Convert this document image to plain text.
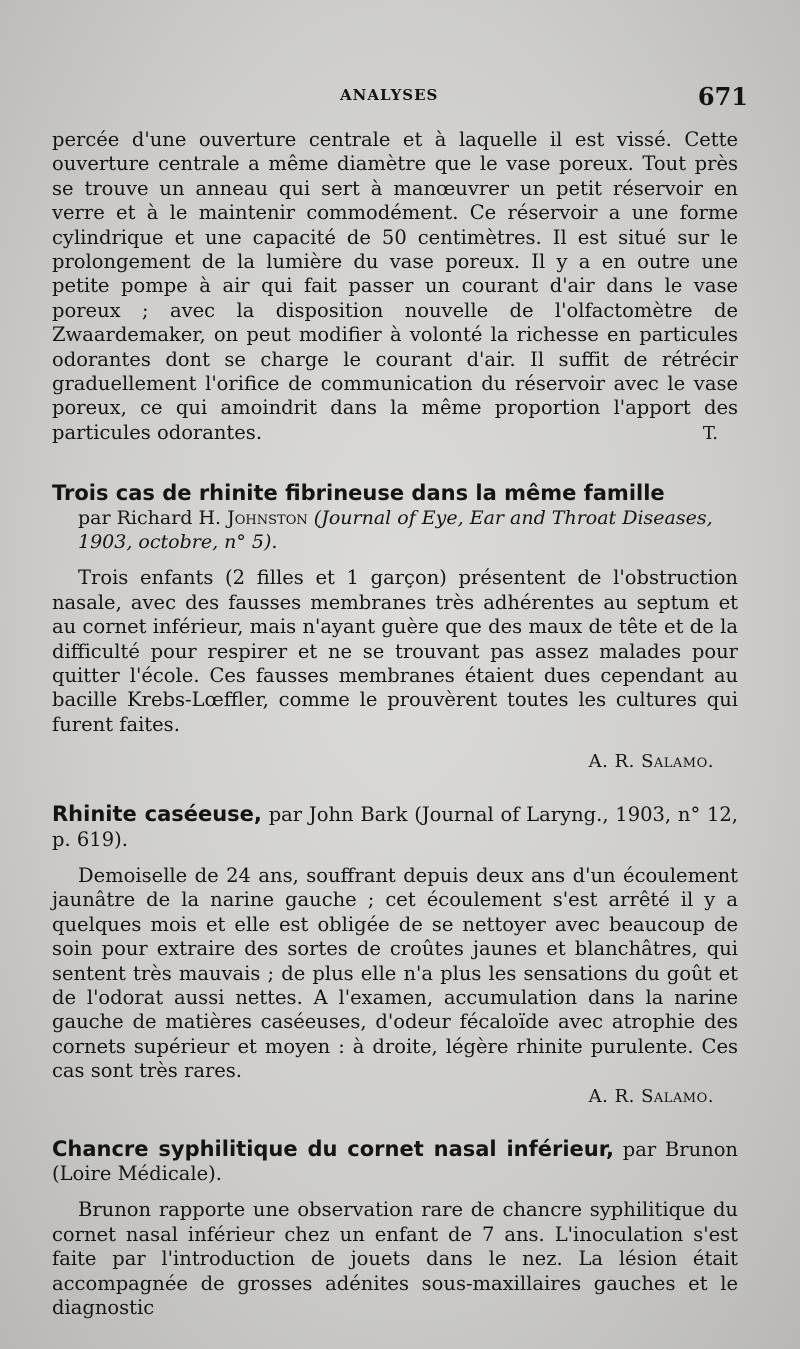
ANALYSES	671

percée d'une ouverture centrale et à laquelle il est vissé. Cette ouverture centrale a même diamètre que le vase poreux. Tout près se trouve un anneau qui sert à manœuvrer un petit réservoir en verre et à le maintenir commodément. Ce réservoir a une forme cylindrique et une capacité de 50 centimètres. Il est situé sur le prolongement de la lumière du vase poreux. Il y a en outre une petite pompe à air qui fait passer un courant d'air dans le vase poreux ; avec la disposition nouvelle de l'olfactomètre de Zwaardemaker, on peut modifier à volonté la richesse en particules odorantes dont se charge le courant d'air. Il suffit de rétrécir graduellement l'orifice de communication du réservoir avec le vase poreux, ce qui amoindrit dans la même proportion l'apport des particules odorantes.	T.

Trois cas de rhinite fibrineuse dans la même famille

par Richard H. Johnston (Journal of Eye, Ear and Throat Diseases, 1903, octobre, n° 5).

Trois enfants (2 filles et 1 garçon) présentent de l'obstruction nasale, avec des fausses membranes très adhérentes au septum et au cornet inférieur, mais n'ayant guère que des maux de tête et de la difficulté pour respirer et ne se trouvant pas assez malades pour quitter l'école. Ces fausses membranes étaient dues cependant au bacille Krebs-Lœffler, comme le prouvèrent toutes les cultures qui furent faites.

A. R. Salamo.

Rhinite caséeuse, par John Bark (Journal of Laryng., 1903, n° 12, p. 619).

Demoiselle de 24 ans, souffrant depuis deux ans d'un écoulement jaunâtre de la narine gauche ; cet écoulement s'est arrêté il y a quelques mois et elle est obligée de se nettoyer avec beaucoup de soin pour extraire des sortes de croûtes jaunes et blanchâtres, qui sentent très mauvais ; de plus elle n'a plus les sensations du goût et de l'odorat aussi nettes. A l'examen, accumulation dans la narine gauche de matières caséeuses, d'odeur fécaloïde avec atrophie des cornets supérieur et moyen : à droite, légère rhinite purulente. Ces cas sont très rares.

A. R. Salamo.

Chancre syphilitique du cornet nasal inférieur, par Brunon (Loire Médicale).

Brunon rapporte une observation rare de chancre syphilitique du cornet nasal inférieur chez un enfant de 7 ans. L'inoculation s'est faite par l'introduction de jouets dans le nez. La lésion était accompagnée de grosses adénites sous-maxillaires gauches et le diagnostic
